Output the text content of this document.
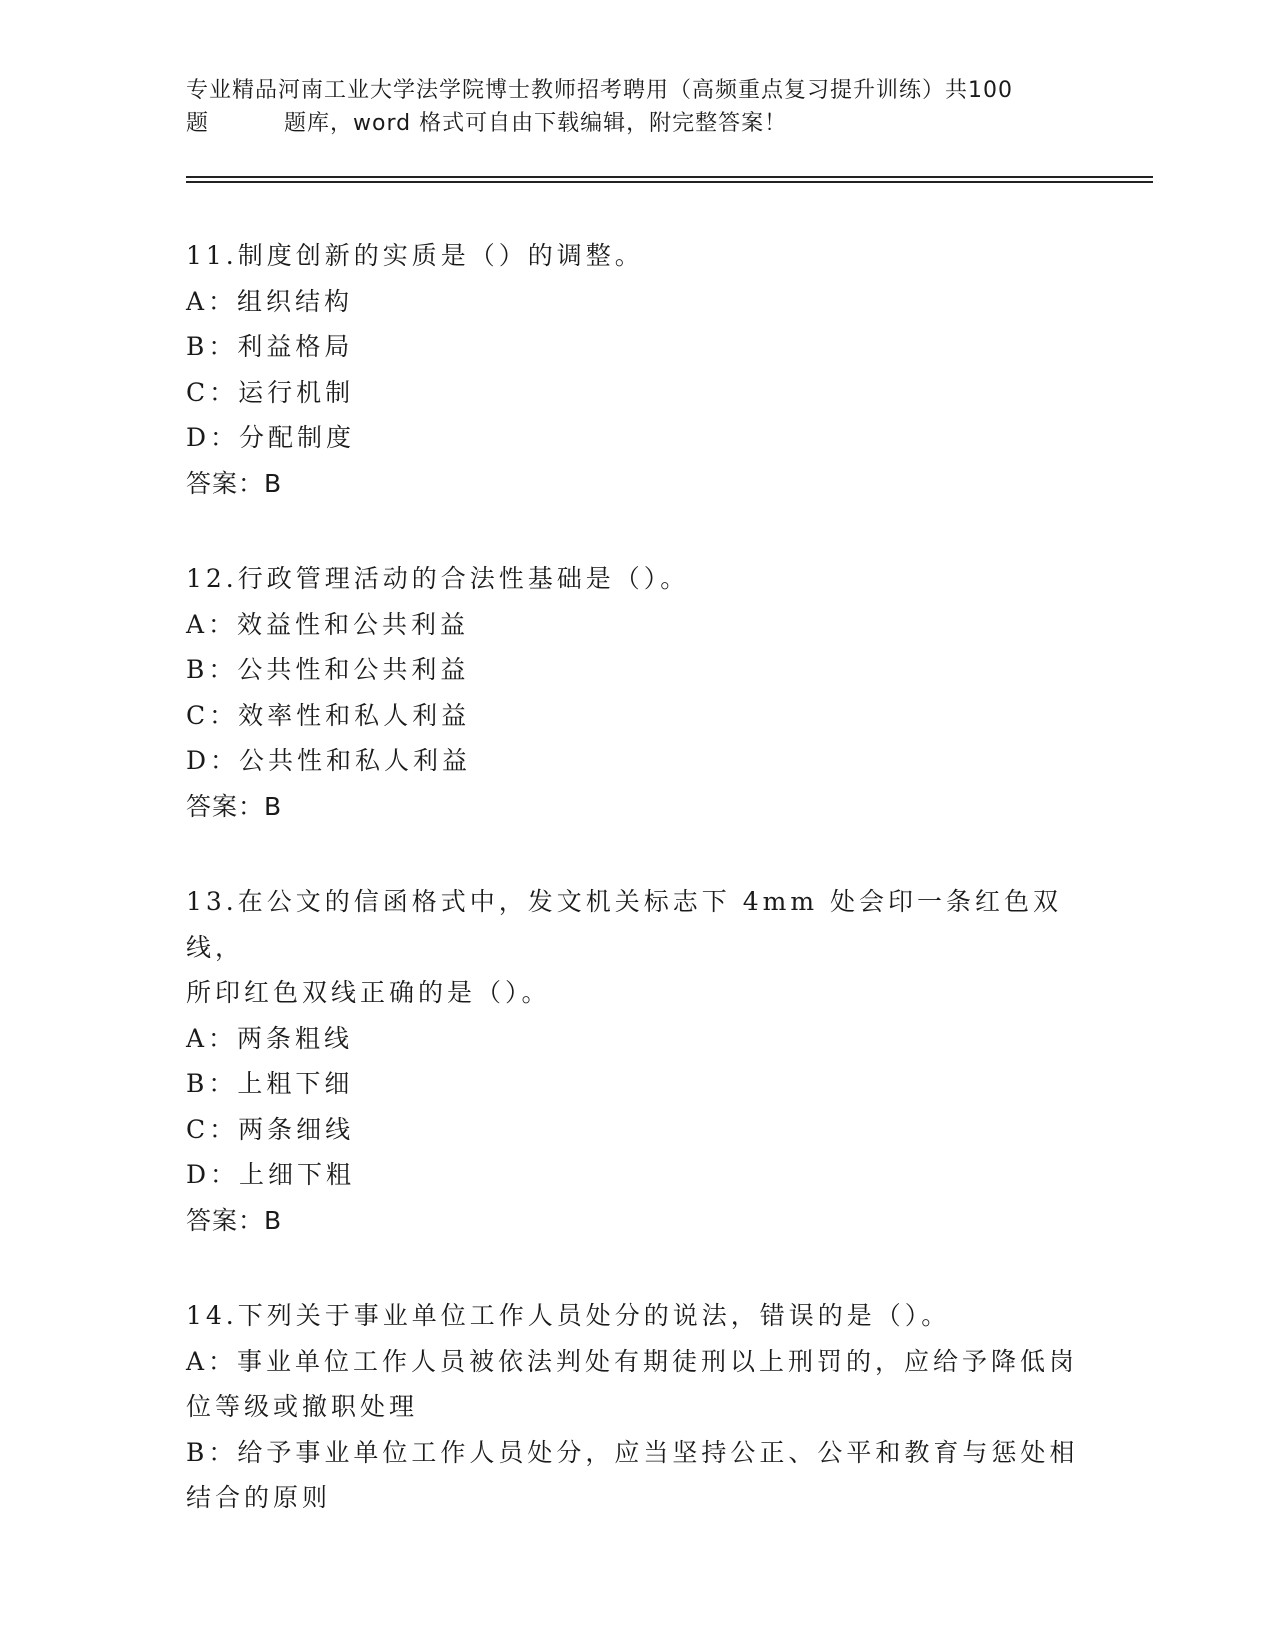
专业精品河南工业大学法学院博士教师招考聘用（高频重点复习提升训练）共100
题	题库，word 格式可自由下载编辑，附完整答案！

11.制度创新的实质是（）的调整。

A：组织结构

B：利益格局

C：运行机制

D：分配制度

答案：B

12.行政管理活动的合法性基础是（）。

A：效益性和公共利益

B：公共性和公共利益

C：效率性和私人利益

D：公共性和私人利益

答案：B

13.在公文的信函格式中，发文机关标志下 4mm 处会印一条红色双线，

所印红色双线正确的是（）。

A：两条粗线

B：上粗下细

C：两条细线

D：上细下粗

答案：B

14.下列关于事业单位工作人员处分的说法，错误的是（）。

A：事业单位工作人员被依法判处有期徒刑以上刑罚的，应给予降低岗

位等级或撤职处理

B：给予事业单位工作人员处分，应当坚持公正、公平和教育与惩处相

结合的原则
